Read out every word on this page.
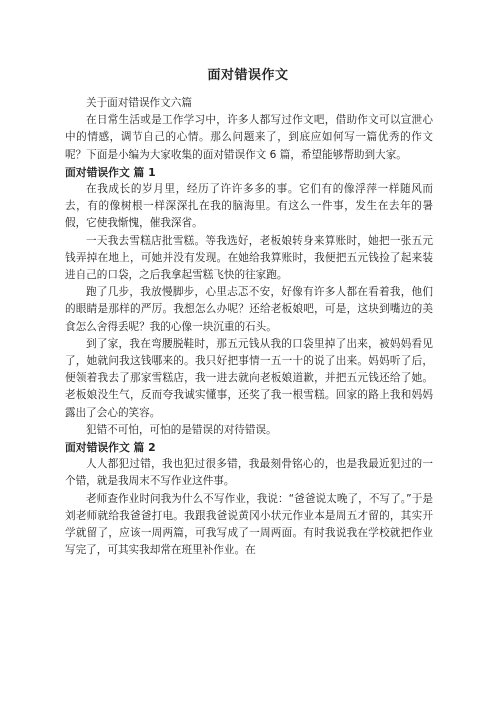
面对错误作文

关于面对错误作文六篇

在日常生活或是工作学习中，许多人都写过作文吧，借助作文可以宣泄心中的情感，调节自己的心情。那么问题来了，到底应如何写一篇优秀的作文呢？下面是小编为大家收集的面对错误作文 6 篇，希望能够帮助到大家。

面对错误作文 篇 1

在我成长的岁月里，经历了许许多多的事。它们有的像浮萍一样随风而去，有的像树根一样深深扎在我的脑海里。有这么一件事，发生在去年的暑假，它使我惭愧，催我深省。

一天我去雪糕店批雪糕。等我选好，老板娘转身来算账时，她把一张五元钱弄掉在地上，可她并没有发现。在她给我算账时，我便把五元钱捡了起来装进自己的口袋，之后我拿起雪糕飞快的往家跑。

跑了几步，我放慢脚步，心里忐忑不安，好像有许多人都在看着我，他们的眼睛是那样的严厉。我想怎么办呢？还给老板娘吧，可是，这块到嘴边的美食怎么舍得丢呢？我的心像一块沉重的石头。

到了家，我在弯腰脱鞋时，那五元钱从我的口袋里掉了出来，被妈妈看见了，她就问我这钱哪来的。我只好把事情一五一十的说了出来。妈妈听了后，便领着我去了那家雪糕店，我一进去就向老板娘道歉，并把五元钱还给了她。老板娘没生气，反而夸我诚实懂事，还奖了我一根雪糕。回家的路上我和妈妈露出了会心的笑容。

犯错不可怕，可怕的是错误的对待错误。

面对错误作文 篇 2

人人都犯过错，我也犯过很多错，我最刻骨铭心的，也是我最近犯过的一个错，就是我周末不写作业这件事。

老师查作业时问我为什么不写作业，我说：“爸爸说太晚了，不写了。”于是刘老师就给我爸爸打电。我跟我爸说黄冈小状元作业本是周五才留的，其实开学就留了，应该一周两篇，可我写成了一周两面。有时我说我在学校就把作业写完了，可其实我却常在班里补作业。在
